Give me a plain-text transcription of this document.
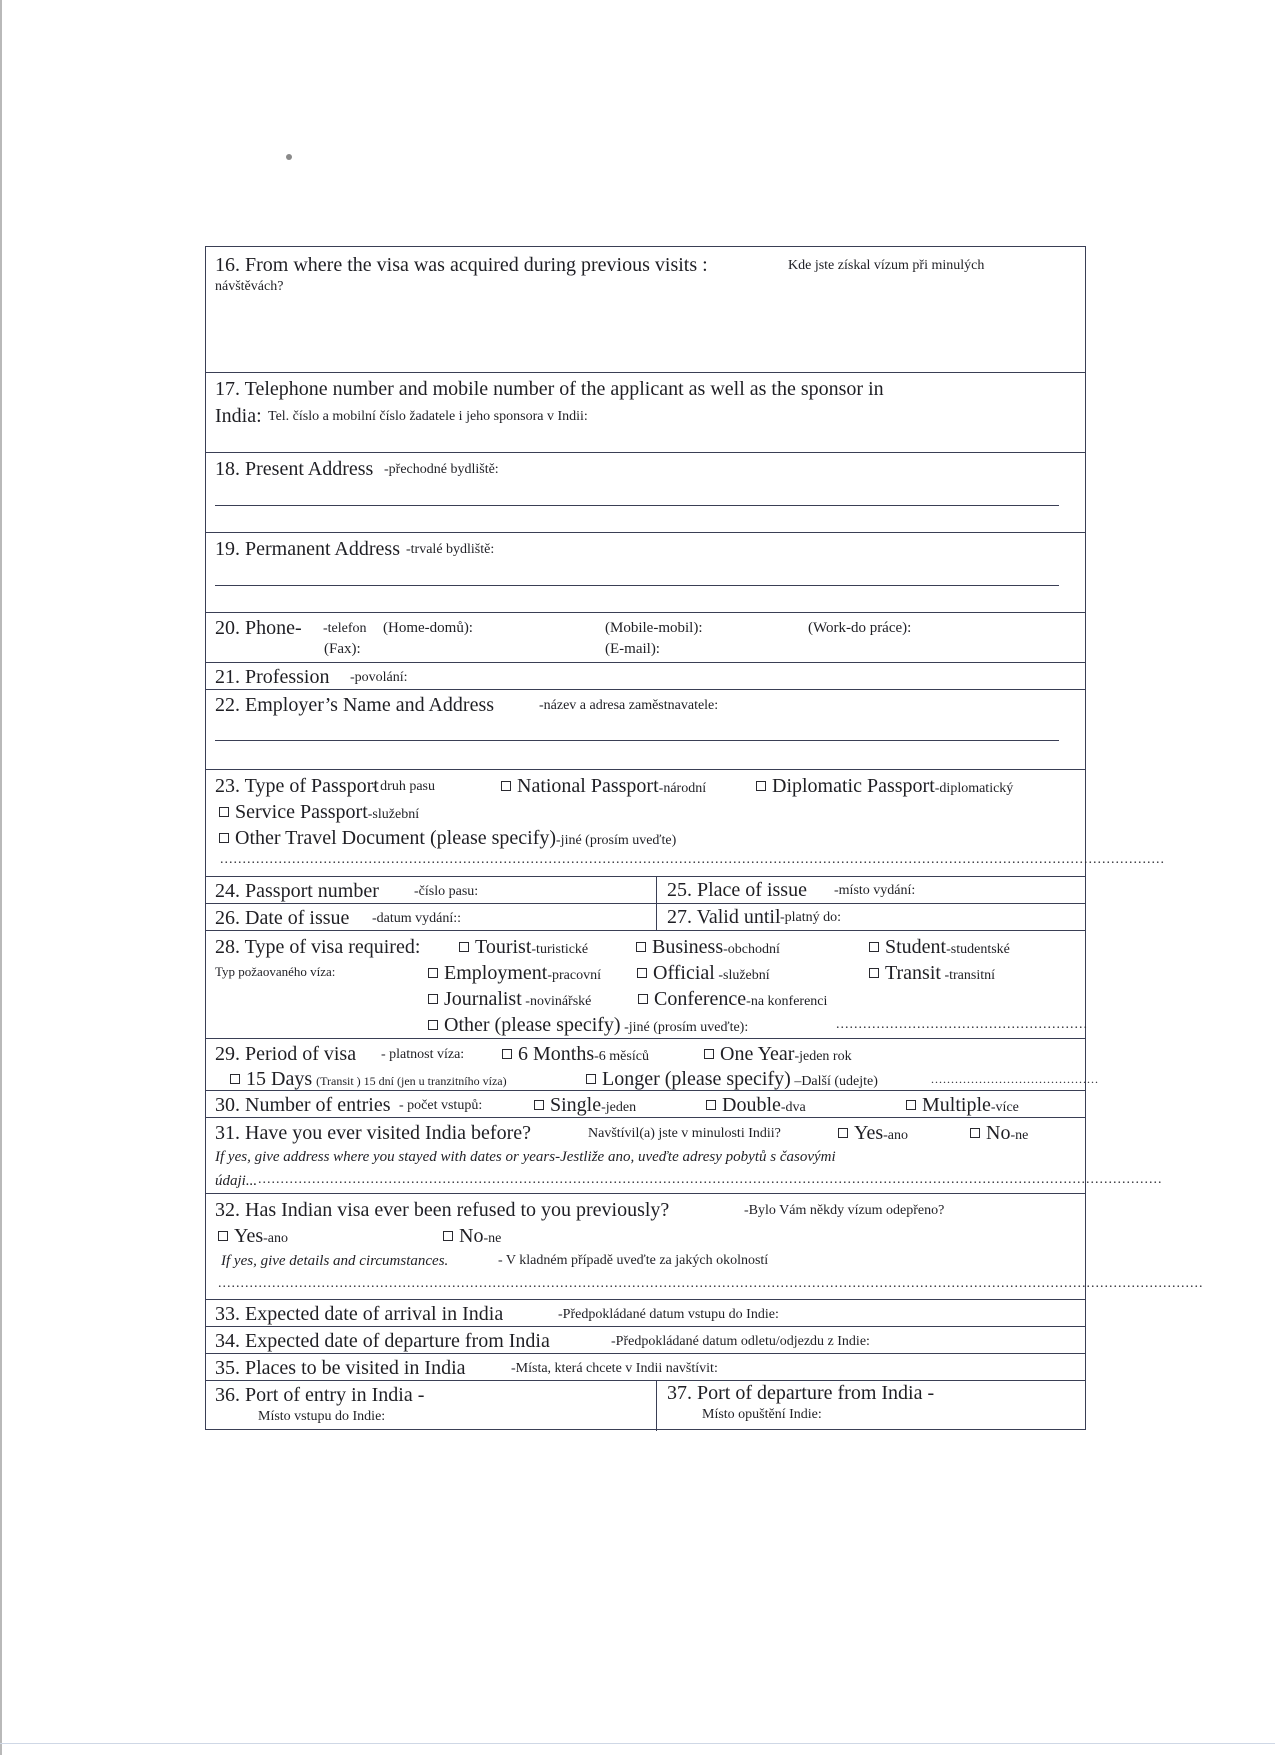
16. From where the visa was acquired during previous visits :	Kde jste získal vízum při minulých
návštěvách?
17. Telephone number and mobile number of the applicant as well as the sponsor in
India: Tel. číslo a mobilní číslo žadatele i jeho sponsora v Indii:
18. Present Address -přechodné bydliště:
19. Permanent Address -trvalé bydliště:
20. Phone- -telefon (Home-domů):	(Mobile-mobil):	(Work-do práce):
(Fax):	(E-mail):
21. Profession -povolání:
22. Employer’s Name and Address	-název a adresa zaměstnavatele:
23. Type of Passport
- druh pasu	National Passport-národní	Diplomatic Passport-diplomatický
Service Passport-služební
Other Travel Document (please specify)-jiné (prosím uveďte)
..................................................................................................................................................................................................................
24. Passport number	-číslo pasu:	25. Place of issue -místo vydání:
26. Date of issue -datum vydání::	27. Valid until -platný do:
28. Type of visa required:
Typ požaovaného víza:
Tourist-turistické	Business-obchodní	Student-studentské
Employment-pracovní	Official -služební	Transit -transitní
Journalist -novinářské	Conference-na konferenci
Other (please specify) -jiné (prosím uveďte):	........................................................
29. Period of visa - platnost víza:	6 Months-6 měsíců	One Year-jeden rok
15 Days (Transit ) 15 dní (jen u tranzitního víza)	Longer (please specify) –Další (udejte)	..........................................
30. Number of entries - počet vstupů:	Single-jeden	Double-dva	Multiple-více
31. Have you ever visited India before?	Navštívil(a) jste v minulosti Indii?	Yes-ano	No-ne
If yes, give address where you stayed with dates or years-Jestliže ano, uveďte adresy pobytů s časovými
údaji... .........................................................................................................................................................................................................
32. Has Indian visa ever been refused to you previously?	-Bylo Vám někdy vízum odepřeno?
Yes-ano	No-ne
If yes, give details and circumstances.	- V kladném případě uveďte za jakých okolností
...........................................................................................................................................................................................................................
33. Expected date of arrival in India	-Předpokládané datum vstupu do Indie:
34. Expected date of departure from India	-Předpokládané datum odletu/odjezdu z Indie:
35. Places to be visited in India	-Místa, která chcete v Indii navštívit:
36. Port of entry in India -
Místo vstupu do Indie:
37. Port of departure from India -
Místo opuštění Indie:
